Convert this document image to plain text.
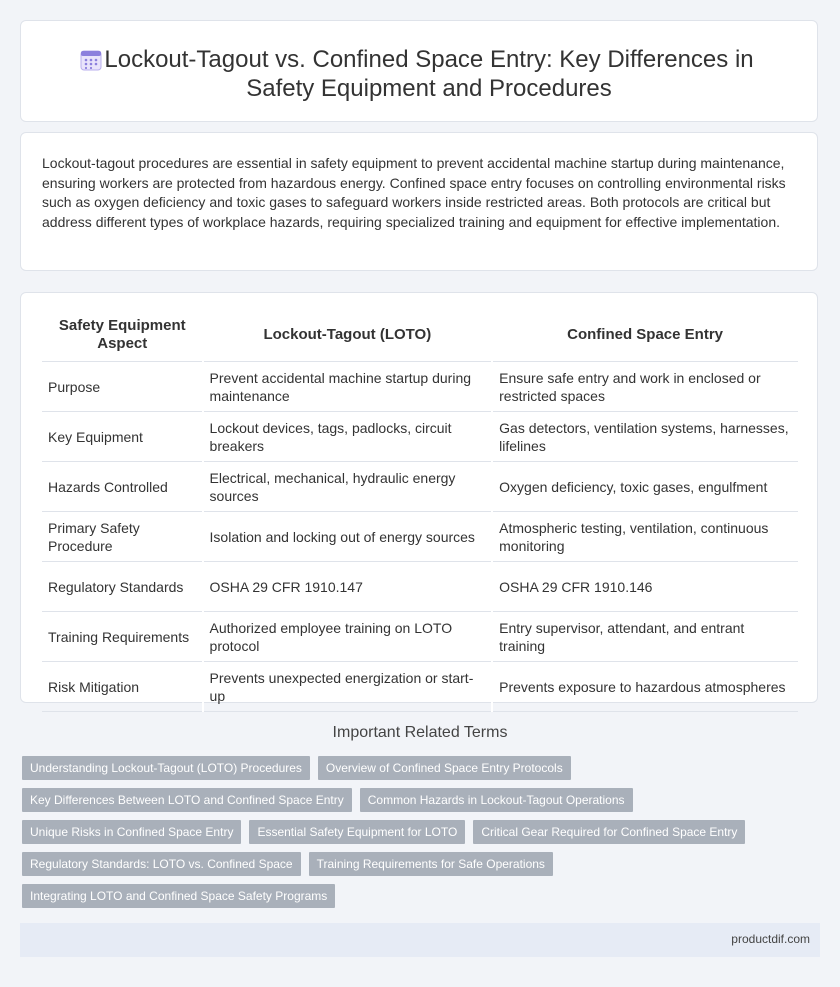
Lockout-Tagout vs. Confined Space Entry: Key Differences in Safety Equipment and Procedures
Lockout-tagout procedures are essential in safety equipment to prevent accidental machine startup during maintenance, ensuring workers are protected from hazardous energy. Confined space entry focuses on controlling environmental risks such as oxygen deficiency and toxic gases to safeguard workers inside restricted areas. Both protocols are critical but address different types of workplace hazards, requiring specialized training and equipment for effective implementation.
Safety Equipment Aspect	Lockout-Tagout (LOTO)	Confined Space Entry
Purpose	Prevent accidental machine startup during maintenance	Ensure safe entry and work in enclosed or restricted spaces
Key Equipment	Lockout devices, tags, padlocks, circuit breakers	Gas detectors, ventilation systems, harnesses, lifelines
Hazards Controlled	Electrical, mechanical, hydraulic energy sources	Oxygen deficiency, toxic gases, engulfment
Primary Safety Procedure	Isolation and locking out of energy sources	Atmospheric testing, ventilation, continuous monitoring
Regulatory Standards	OSHA 29 CFR 1910.147	OSHA 29 CFR 1910.146
Training Requirements	Authorized employee training on LOTO protocol	Entry supervisor, attendant, and entrant training
Risk Mitigation	Prevents unexpected energization or start-up	Prevents exposure to hazardous atmospheres
Important Related Terms
Understanding Lockout-Tagout (LOTO) Procedures	Overview of Confined Space Entry Protocols
Key Differences Between LOTO and Confined Space Entry	Common Hazards in Lockout-Tagout Operations
Unique Risks in Confined Space Entry	Essential Safety Equipment for LOTO	Critical Gear Required for Confined Space Entry
Regulatory Standards: LOTO vs. Confined Space	Training Requirements for Safe Operations
Integrating LOTO and Confined Space Safety Programs
productdif.com
